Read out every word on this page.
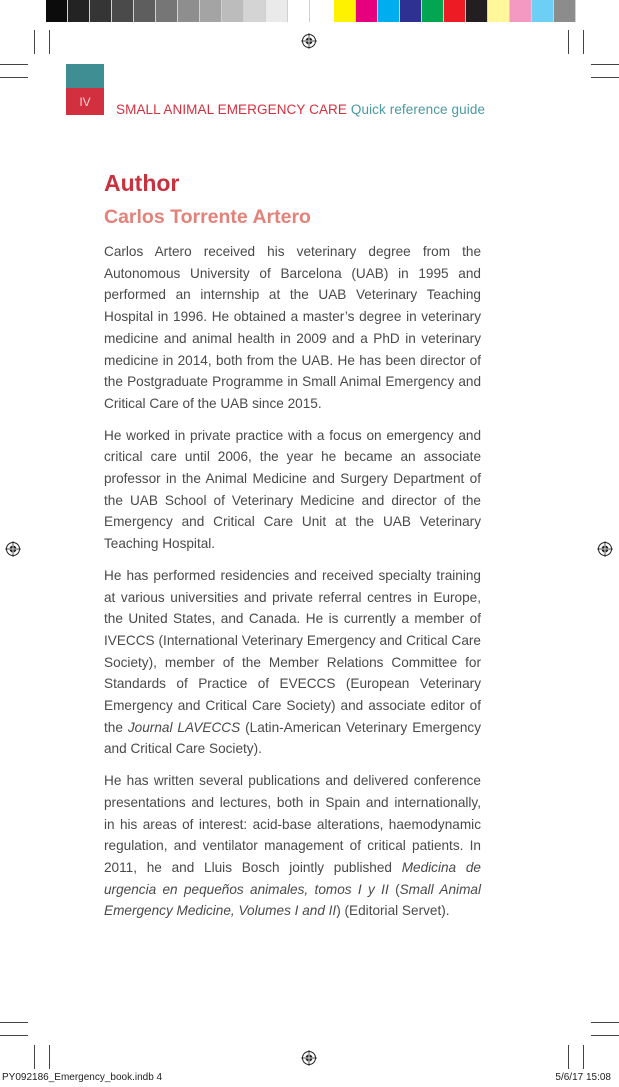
IV
SMALL ANIMAL EMERGENCY CARE Quick reference guide
Author
Carlos Torrente Artero

Carlos Artero received his veterinary degree from the Autonomous University of Barcelona (UAB) in 1995 and performed an internship at the UAB Veterinary Teaching Hospital in 1996. He obtained a master’s degree in veterinary medicine and animal health in 2009 and a PhD in veterinary medicine in 2014, both from the UAB. He has been director of the Postgraduate Programme in Small Animal Emergency and Critical Care of the UAB since 2015.

He worked in private practice with a focus on emergency and critical care until 2006, the year he became an associate professor in the Animal Medicine and Surgery Department of the UAB School of Veterinary Medicine and director of the Emergency and Critical Care Unit at the UAB Veterinary Teaching Hospital.

He has performed residencies and received specialty training at various universities and private referral centres in Europe, the United States, and Canada. He is currently a member of IVECCS (International Veterinary Emergency and Critical Care Society), member of the Member Relations Committee for Standards of Practice of EVECCS (European Veterinary Emergency and Critical Care Society) and associate editor of the Journal LAVECCS (Latin-American Veterinary Emergency and Critical Care Society).

He has written several publications and delivered conference presentations and lectures, both in Spain and internationally, in his areas of interest: acid-base alterations, haemodynamic regulation, and ventilator management of critical patients. In 2011, he and Lluis Bosch jointly published Medicina de urgencia en pequeños animales, tomos I y II (Small Animal Emergency Medicine, Volumes I and II) (Editorial Servet).

PY092186_Emergency_book.indb 4	5/6/17 15:08
